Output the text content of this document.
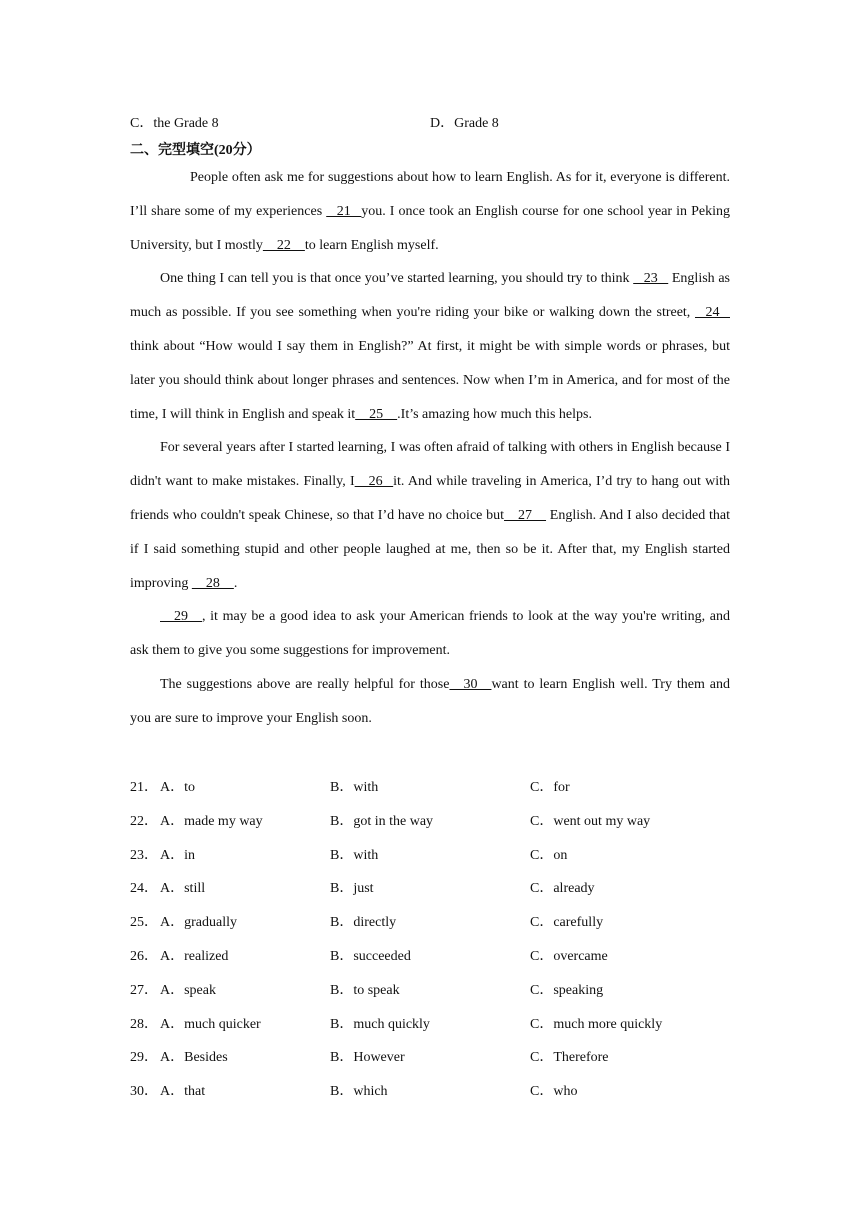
C．the Grade 8	D．Grade 8
二、完型填空(20分）

People often ask me for suggestions about how to learn English. As for it, everyone is different. I’ll share some of my experiences    21   you. I once took an English course for one school year in Peking University, but I mostly    22    to learn English myself.

One thing I can tell you is that once you’ve started learning, you should try to think    23    English as much as possible. If you see something when you're riding your bike or walking down the street,    24   think about “How would I say them in English?” At first, it might be with simple words or phrases, but later you should think about longer phrases and sentences. Now when I’m in America, and for most of the time, I will think in English and speak it    25    .It’s amazing how much this helps.

For several years after I started learning, I was often afraid of talking with others in English because I didn't want to make mistakes. Finally, I    26   it. And while traveling in America, I’d try to hang out with friends who couldn't speak Chinese, so that I’d have no choice but    27     English. And I also decided that if I said something stupid and other people laughed at me, then so be it. After that, my English started improving     28    .

29    , it may be a good idea to ask your American friends to look at the way you're writing, and ask them to give you some suggestions for improvement.

The suggestions above are really helpful for those    30    want to learn English well. Try them and you are sure to improve your English soon.

21． A．to	B．with	C．for
22． A．made my way	B．got in the way	C．went out my way
23． A．in	B．with	C．on
24． A．still	B．just	C．already
25． A．gradually	B．directly	C．carefully
26． A．realized	B．succeeded	C．overcame
27． A．speak	B．to speak	C．speaking
28． A．much quicker	B．much quickly	C．much more quickly
29． A．Besides	B．However	C．Therefore
30． A．that	B．which	C．who
